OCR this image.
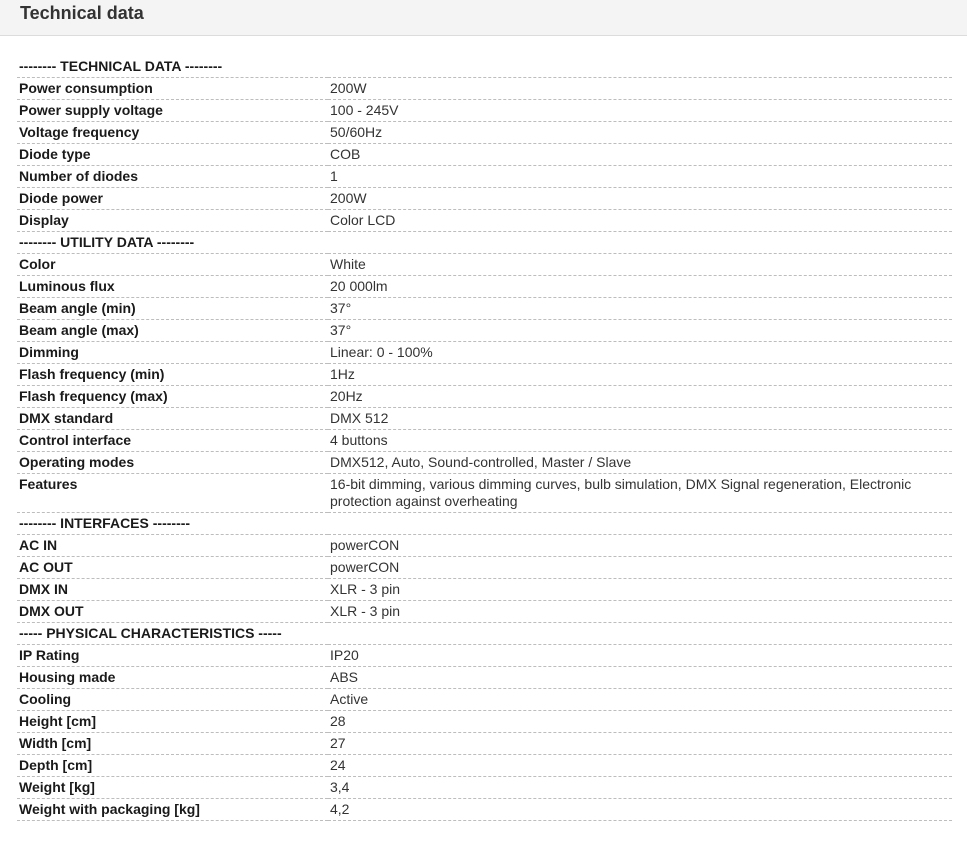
Technical data
-------- TECHNICAL DATA --------	
Power consumption	200W
Power supply voltage	100 - 245V
Voltage frequency	50/60Hz
Diode type	COB
Number of diodes	1
Diode power	200W
Display	Color LCD
-------- UTILITY DATA --------	
Color	White
Luminous flux	20 000lm
Beam angle (min)	37°
Beam angle (max)	37°
Dimming	Linear: 0 - 100%
Flash frequency (min)	1Hz
Flash frequency (max)	20Hz
DMX standard	DMX 512
Control interface	4 buttons
Operating modes	DMX512, Auto, Sound-controlled, Master / Slave
Features	16-bit dimming, various dimming curves, bulb simulation, DMX Signal regeneration, Electronic protection against overheating
-------- INTERFACES --------	
AC IN	powerCON
AC OUT	powerCON
DMX IN	XLR - 3 pin
DMX OUT	XLR - 3 pin
----- PHYSICAL CHARACTERISTICS -----	
IP Rating	IP20
Housing made	ABS
Cooling	Active
Height [cm]	28
Width [cm]	27
Depth [cm]	24
Weight [kg]	3,4
Weight with packaging [kg]	4,2
